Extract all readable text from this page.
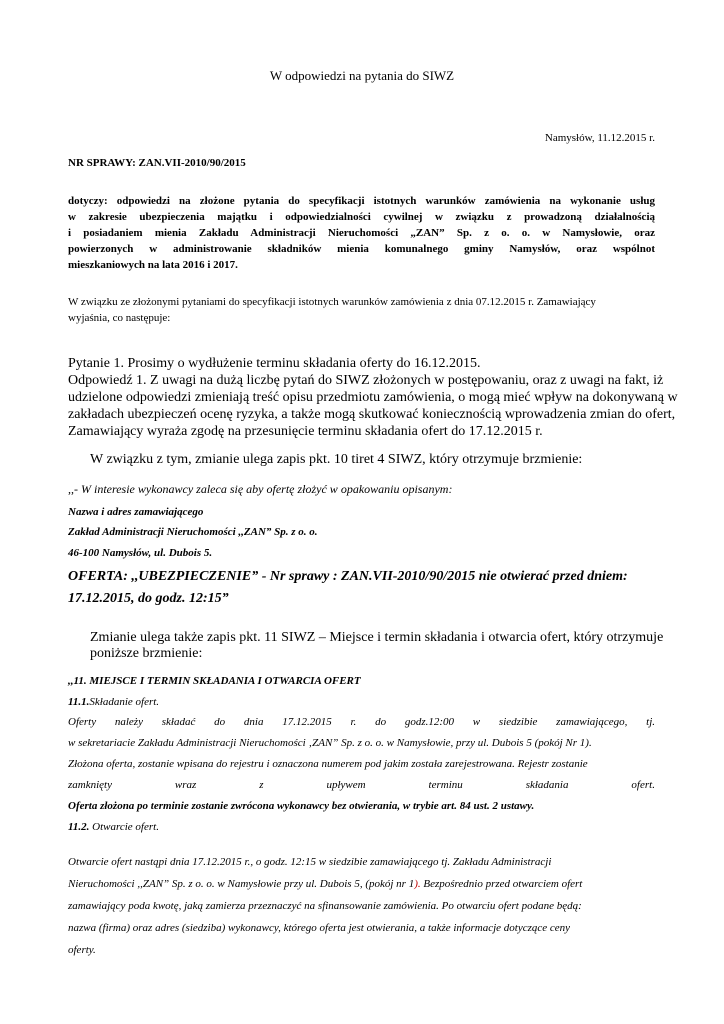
W odpowiedzi na pytania do SIWZ
Namysłów, 11.12.2015 r.
NR SPRAWY: ZAN.VII-2010/90/2015
dotyczy: odpowiedzi na złożone pytania do specyfikacji istotnych warunków zamówienia na wykonanie usług
w zakresie ubezpieczenia majątku i odpowiedzialności cywilnej w związku z prowadzoną działalnością
i posiadaniem mienia Zakładu Administracji Nieruchomości „ZAN” Sp. z o. o. w Namysłowie, oraz
powierzonych w administrowanie składników mienia komunalnego gminy Namysłów, oraz wspólnot
mieszkaniowych na lata 2016 i 2017.
W związku ze złożonymi pytaniami do specyfikacji istotnych warunków zamówienia z dnia 07.12.2015 r. Zamawiający
wyjaśnia, co następuje:
Pytanie 1. Prosimy o wydłużenie terminu składania oferty do 16.12.2015.
Odpowiedź 1. Z uwagi na dużą liczbę pytań do SIWZ złożonych w postępowaniu, oraz z uwagi na fakt, iż
udzielone odpowiedzi zmieniają treść opisu przedmiotu zamówienia, o mogą mieć wpływ na dokonywaną w
zakładach ubezpieczeń ocenę ryzyka, a także mogą skutkować koniecznością wprowadzenia zmian do ofert,
Zamawiający wyraża zgodę na przesunięcie terminu składania ofert do 17.12.2015 r.
W związku z tym, zmianie ulega zapis pkt. 10 tiret 4 SIWZ, który otrzymuje brzmienie:
,,- W interesie wykonawcy zaleca się aby ofertę złożyć w opakowaniu opisanym:
Nazwa i adres zamawiającego
Zakład Administracji Nieruchomości ,,ZAN” Sp. z o. o.
46-100 Namysłów, ul. Dubois 5.
OFERTA: ,,UBEZPIECZENIE” - Nr sprawy : ZAN.VII-2010/90/2015 nie otwierać przed dniem:
17.12.2015, do godz. 12:15”
Zmianie ulega także zapis pkt. 11 SIWZ – Miejsce i termin składania i otwarcia ofert, który otrzymuje
poniższe brzmienie:
,,11. MIEJSCE I TERMIN SKŁADANIA I OTWARCIA OFERT
11.1.Składanie ofert.
Oferty należy składać do dnia 17.12.2015 r. do godz.12:00 w siedzibie zamawiającego, tj.
w sekretariacie Zakładu Administracji Nieruchomości ‚ZAN” Sp. z o. o. w Namysłowie, przy ul. Dubois 5 (pokój Nr 1).
Złożona oferta, zostanie wpisana do rejestru i oznaczona numerem pod jakim została zarejestrowana. Rejestr zostanie
zamknięty	wraz	z	upływem	terminu	składania	ofert.
Oferta złożona po terminie zostanie zwrócona wykonawcy bez otwierania, w trybie art. 84 ust. 2 ustawy.
11.2. Otwarcie ofert.
Otwarcie ofert nastąpi dnia 17.12.2015 r., o godz. 12:15 w siedzibie zamawiającego tj. Zakładu Administracji
Nieruchomości ,,ZAN” Sp. z o. o. w Namysłowie przy ul. Dubois 5, (pokój nr 1). Bezpośrednio przed otwarciem ofert
zamawiający poda kwotę, jaką zamierza przeznaczyć na sfinansowanie zamówienia. Po otwarciu ofert podane będą:
nazwa (firma) oraz adres (siedziba) wykonawcy, którego oferta jest otwierania, a także informacje dotyczące ceny
oferty.
